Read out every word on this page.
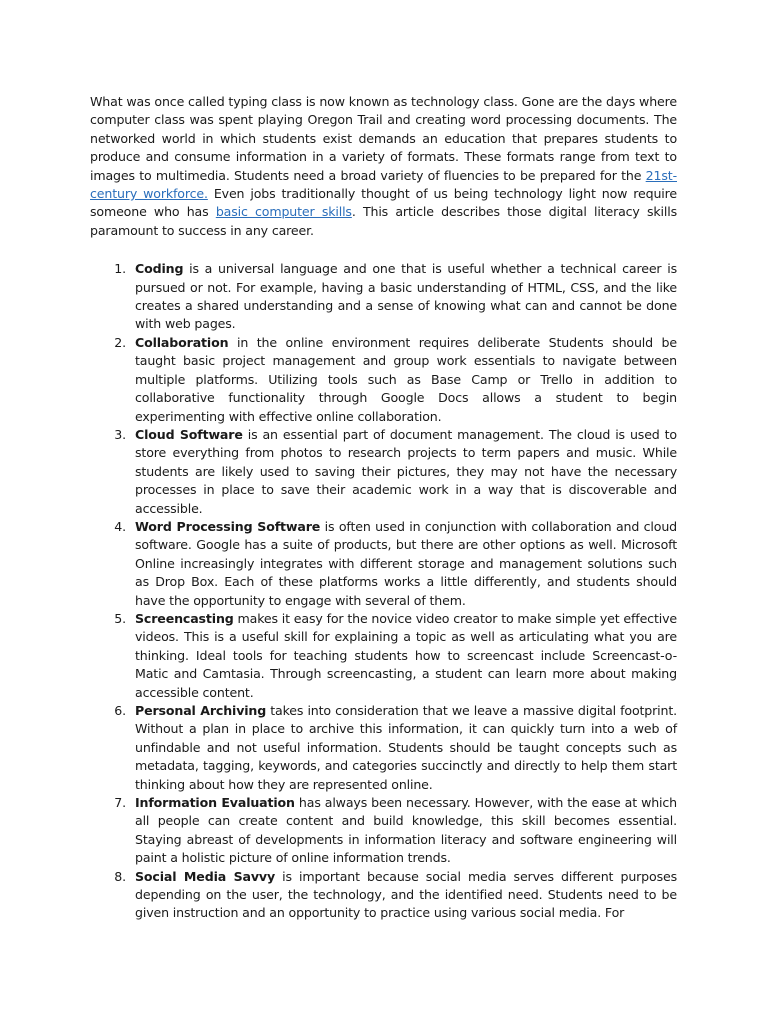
What was once called typing class is now known as technology class. Gone are the days where computer class was spent playing Oregon Trail and creating word processing documents. The networked world in which students exist demands an education that prepares students to produce and consume information in a variety of formats. These formats range from text to images to multimedia. Students need a broad variety of fluencies to be prepared for the 21st-century workforce. Even jobs traditionally thought of us being technology light now require someone who has basic computer skills. This article describes those digital literacy skills paramount to success in any career.

1. Coding is a universal language and one that is useful whether a technical career is pursued or not. For example, having a basic understanding of HTML, CSS, and the like creates a shared understanding and a sense of knowing what can and cannot be done with web pages.
2. Collaboration in the online environment requires deliberate Students should be taught basic project management and group work essentials to navigate between multiple platforms. Utilizing tools such as Base Camp or Trello in addition to collaborative functionality through Google Docs allows a student to begin experimenting with effective online collaboration.
3. Cloud Software is an essential part of document management. The cloud is used to store everything from photos to research projects to term papers and music. While students are likely used to saving their pictures, they may not have the necessary processes in place to save their academic work in a way that is discoverable and accessible.
4. Word Processing Software is often used in conjunction with collaboration and cloud software. Google has a suite of products, but there are other options as well. Microsoft Online increasingly integrates with different storage and management solutions such as Drop Box. Each of these platforms works a little differently, and students should have the opportunity to engage with several of them.
5. Screencasting makes it easy for the novice video creator to make simple yet effective videos. This is a useful skill for explaining a topic as well as articulating what you are thinking. Ideal tools for teaching students how to screencast include Screencast-o-Matic and Camtasia. Through screencasting, a student can learn more about making accessible content.
6. Personal Archiving takes into consideration that we leave a massive digital footprint. Without a plan in place to archive this information, it can quickly turn into a web of unfindable and not useful information. Students should be taught concepts such as metadata, tagging, keywords, and categories succinctly and directly to help them start thinking about how they are represented online.
7. Information Evaluation has always been necessary. However, with the ease at which all people can create content and build knowledge, this skill becomes essential. Staying abreast of developments in information literacy and software engineering will paint a holistic picture of online information trends.
8. Social Media Savvy is important because social media serves different purposes depending on the user, the technology, and the identified need. Students need to be given instruction and an opportunity to practice using various social media. For
